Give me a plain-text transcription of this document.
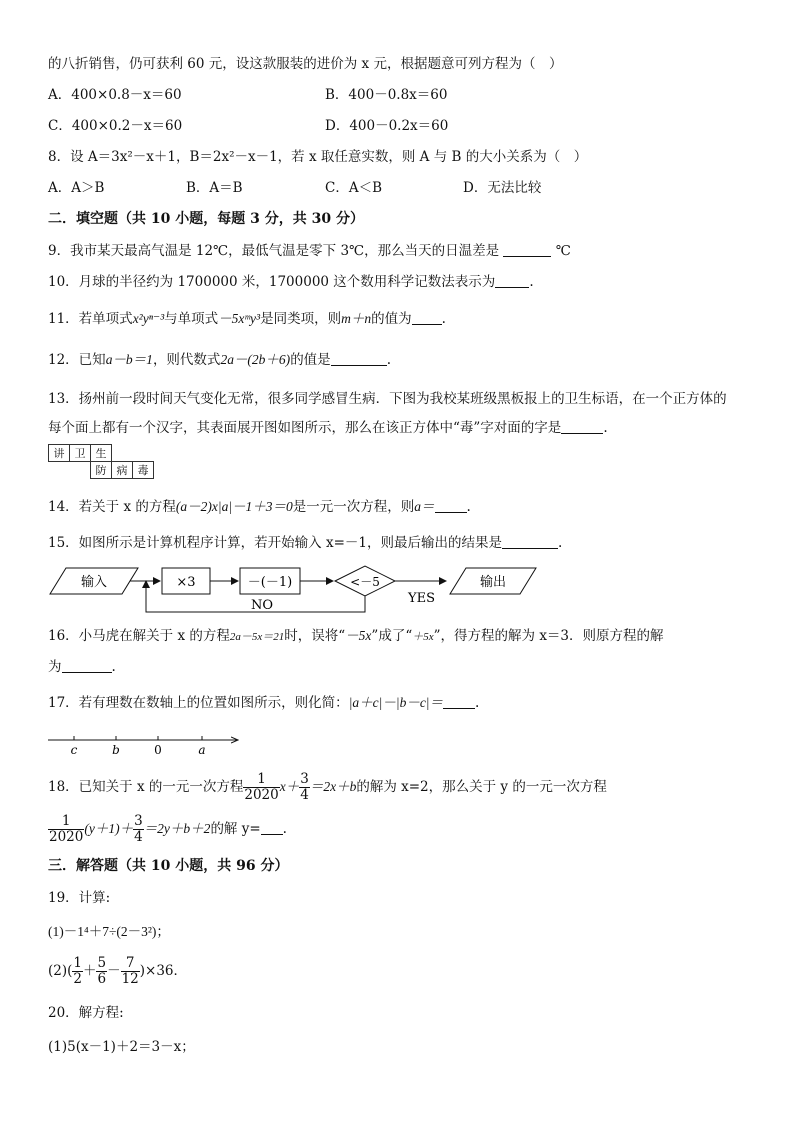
的八折销售，仍可获利 60 元，设这款服装的进价为 x 元，根据题意可列方程为（　）
A．400×0.8－x＝60	B．400－0.8x＝60
C．400×0.2－x＝60	D．400－0.2x＝60
8．设 A＝3x²－x＋1，B＝2x²－x－1，若 x 取任意实数，则 A 与 B 的大小关系为（　）
A．A＞B	B．A＝B	C．A＜B	D．无法比较
二．填空题（共 10 小题，每题 3 分，共 30 分）
9．我市某天最高气温是 12℃，最低气温是零下 3℃，那么当天的日温差是	℃
10．月球的半径约为 1700000 米，1700000 这个数用科学记数法表示为	.
11．若单项式x²yⁿ⁻³与单项式－5xᵐy³是同类项，则m＋n的值为 .
12．已知a－b＝1，则代数式2a－(2b＋6)的值是	.
13．扬州前一段时间天气变化无常，很多同学感冒生病．下图为我校某班级黑板报上的卫生标语，在一个正方体的
每个面上都有一个汉字，其表面展开图如图所示，那么在该正方体中“毒”字对面的字是	.
讲	卫	生		
		防	病	毒
14．若关于 x 的方程(a－2)x|a|－1＋3＝0是一元一次方程，则a＝ .
15．如图所示是计算机程序计算，若开始输入 x=－1，则最后输出的结果是	.
输入	×3	－(－1)	<－5
YES
输出
NO
16．小马虎在解关于 x 的方程2a－5x＝21时，误将“－5x”成了“＋5x”，得方程的解为 x＝3．则原方程的解
为	.
17．若有理数在数轴上的位置如图所示，则化简：|a＋c|－|b－c|＝ .
c	b	0	a
18．已知关于 x 的一元一次方程 $\frac{1}{2020} x+ \frac{3}{4} =2x+b$的解为 x=2，那么关于 y 的一元一次方程
$\frac{1}{2020} (y+1)+ \frac{3}{4} =2y+b+2$的解 y= .
三．解答题（共 10 小题，共 96 分）
19．计算:
(1)－1⁴＋7÷(2－3²)；
$(2)( \frac{1}{2} + \frac{5}{6} - \frac{7}{12} )\times 36$．
20．解方程:
(1)5(x－1)＋2＝3－x；
